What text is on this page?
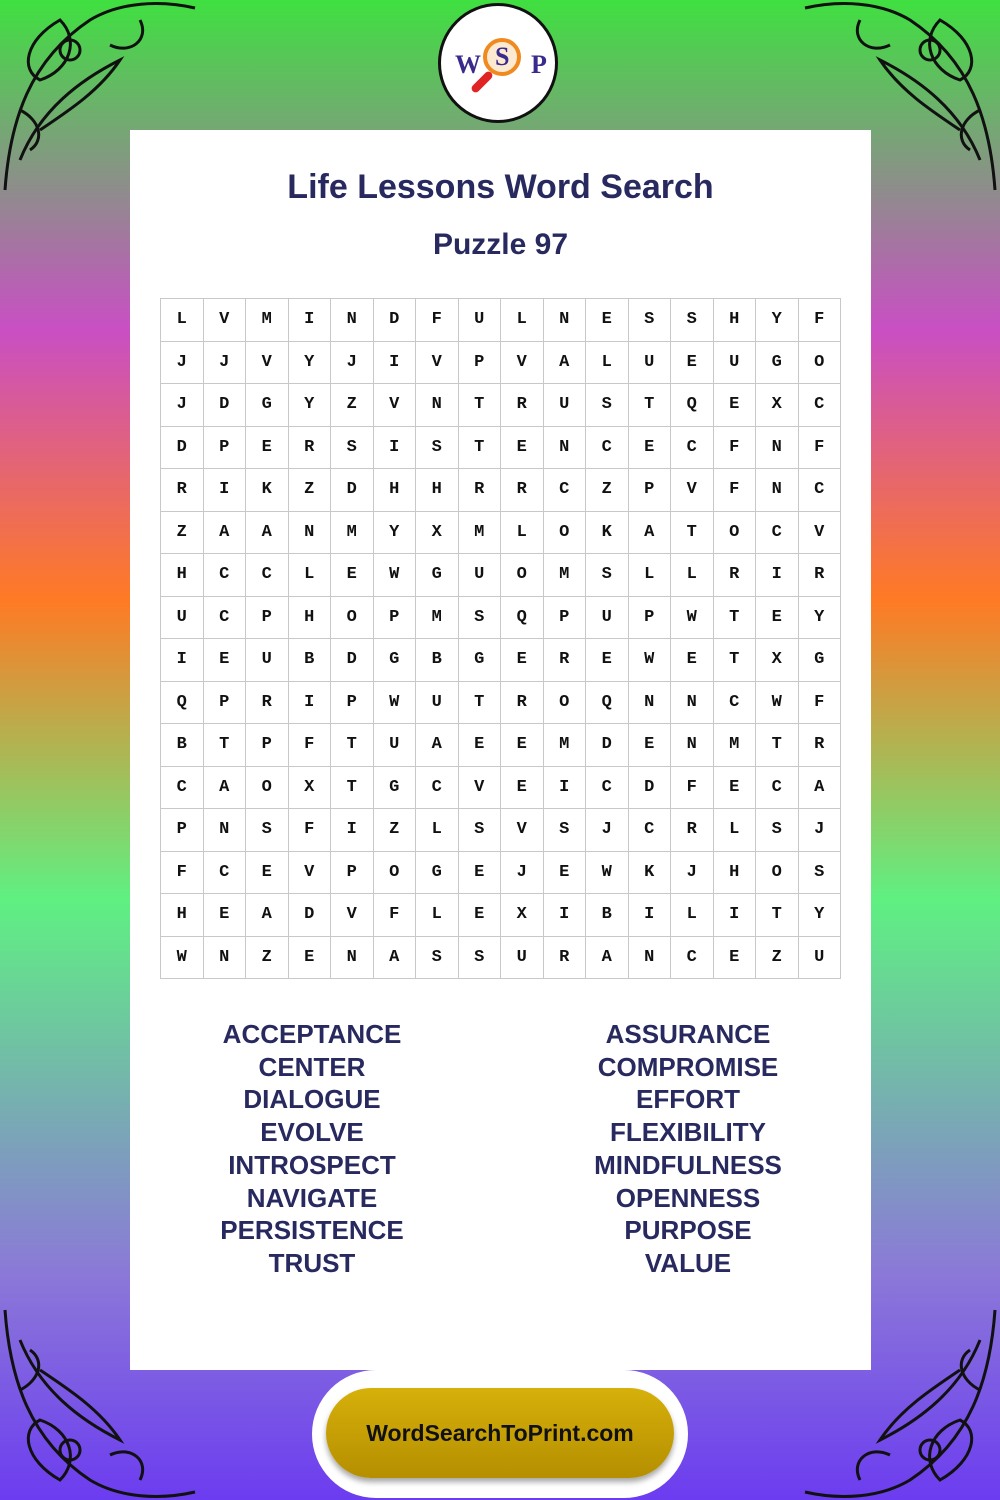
W S P
Life Lessons Word Search
Puzzle 97
L	V	M	I	N	D	F	U	L	N	E	S	S	H	Y	F
J	J	V	Y	J	I	V	P	V	A	L	U	E	U	G	O
J	D	G	Y	Z	V	N	T	R	U	S	T	Q	E	X	C
D	P	E	R	S	I	S	T	E	N	C	E	C	F	N	F
R	I	K	Z	D	H	H	R	R	C	Z	P	V	F	N	C
Z	A	A	N	M	Y	X	M	L	O	K	A	T	O	C	V
H	C	C	L	E	W	G	U	O	M	S	L	L	R	I	R
U	C	P	H	O	P	M	S	Q	P	U	P	W	T	E	Y
I	E	U	B	D	G	B	G	E	R	E	W	E	T	X	G
Q	P	R	I	P	W	U	T	R	O	Q	N	N	C	W	F
B	T	P	F	T	U	A	E	E	M	D	E	N	M	T	R
C	A	O	X	T	G	C	V	E	I	C	D	F	E	C	A
P	N	S	F	I	Z	L	S	V	S	J	C	R	L	S	J
F	C	E	V	P	O	G	E	J	E	W	K	J	H	O	S
H	E	A	D	V	F	L	E	X	I	B	I	L	I	T	Y
W	N	Z	E	N	A	S	S	U	R	A	N	C	E	Z	U
ACCEPTANCE
CENTER
DIALOGUE
EVOLVE
INTROSPECT
NAVIGATE
PERSISTENCE
TRUST
ASSURANCE
COMPROMISE
EFFORT
FLEXIBILITY
MINDFULNESS
OPENNESS
PURPOSE
VALUE
WordSearchToPrint.com
